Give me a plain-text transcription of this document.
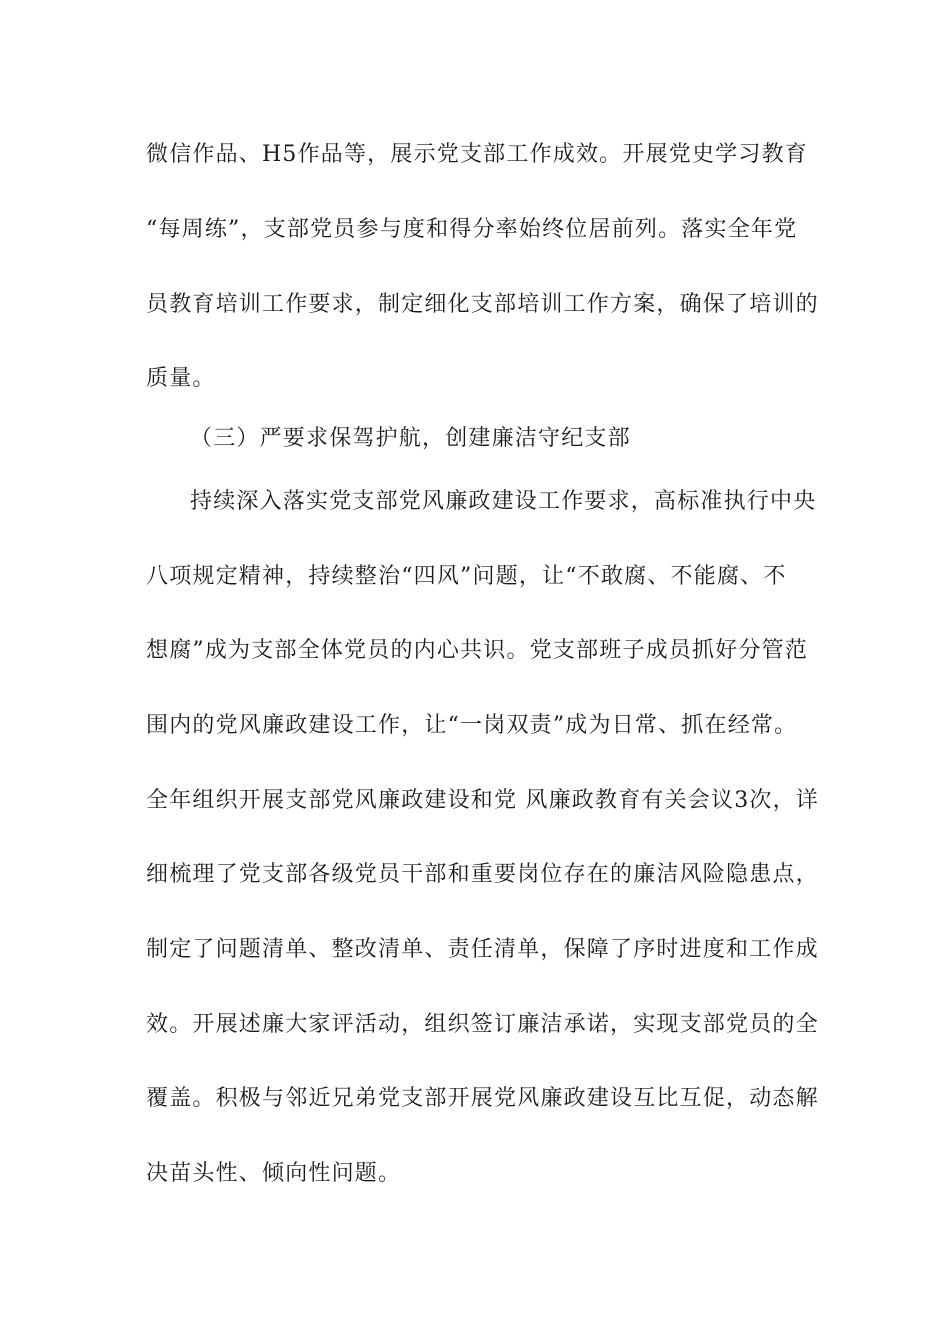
微信作品、H5作品等，展示党支部工作成效。开展党史学习教育
“每周练”，支部党员参与度和得分率始终位居前列。落实全年党
员教育培训工作要求，制定细化支部培训工作方案，确保了培训的
质量。
（三）严要求保驾护航，创建廉洁守纪支部
持续深入落实党支部党风廉政建设工作要求，高标准执行中央
八项规定精神，持续整治“四风”问题，让“不敢腐、不能腐、不
想腐”成为支部全体党员的内心共识。党支部班子成员抓好分管范
围内的党风廉政建设工作，让“一岗双责”成为日常、抓在经常。
全年组织开展支部党风廉政建设和党 风廉政教育有关会议3次，详
细梳理了党支部各级党员干部和重要岗位存在的廉洁风险隐患点，
制定了问题清单、整改清单、责任清单，保障了序时进度和工作成
效。开展述廉大家评活动，组织签订廉洁承诺，实现支部党员的全
覆盖。积极与邻近兄弟党支部开展党风廉政建设互比互促，动态解
决苗头性、倾向性问题。
